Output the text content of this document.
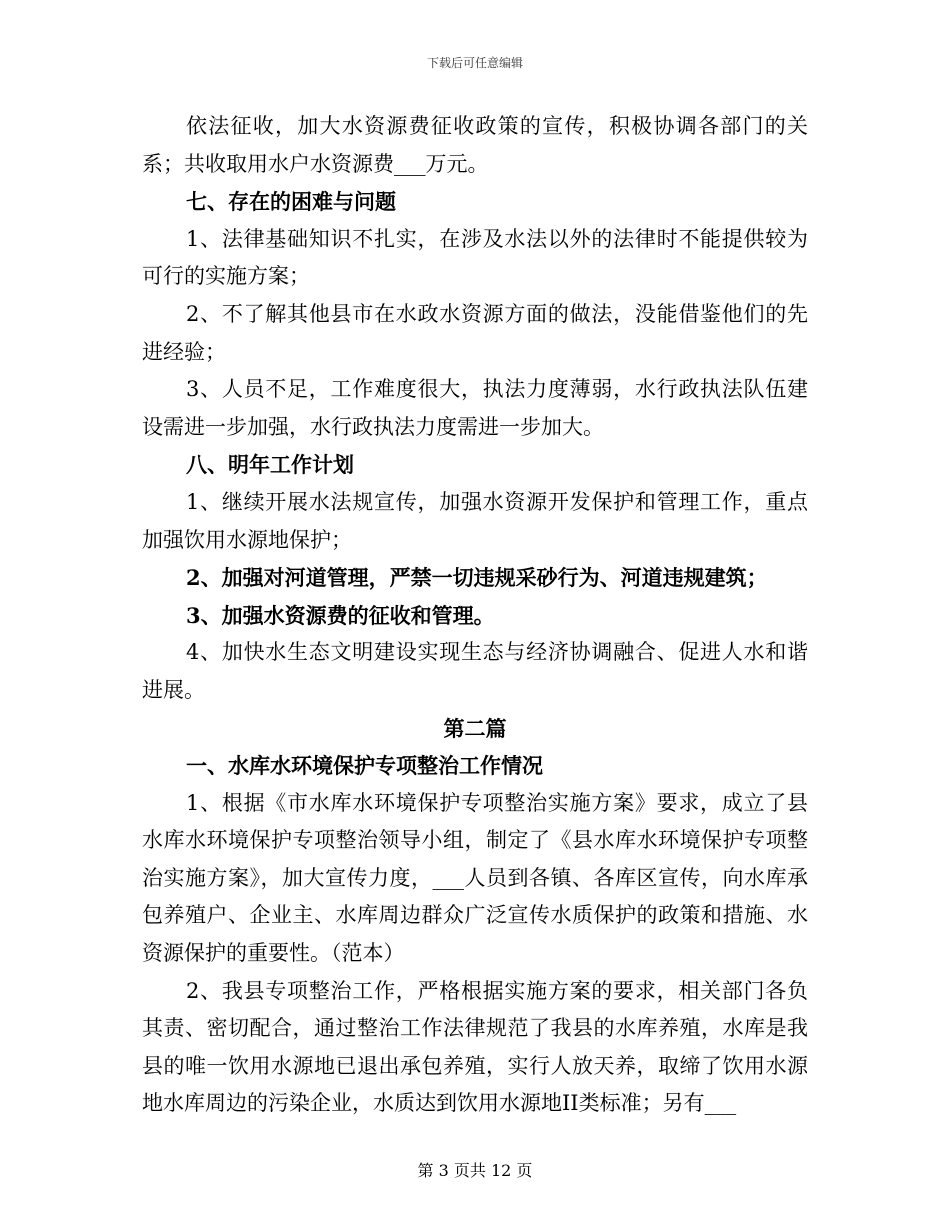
下载后可任意编辑

依法征收，加大水资源费征收政策的宣传，积极协调各部门的关系；共收取用水户水资源费___万元。

七、存在的困难与问题

1、法律基础知识不扎实，在涉及水法以外的法律时不能提供较为可行的实施方案；

2、不了解其他县市在水政水资源方面的做法，没能借鉴他们的先进经验；

3、人员不足，工作难度很大，执法力度薄弱，水行政执法队伍建设需进一步加强，水行政执法力度需进一步加大。

八、明年工作计划

1、继续开展水法规宣传，加强水资源开发保护和管理工作，重点加强饮用水源地保护；

2、加强对河道管理，严禁一切违规采砂行为、河道违规建筑；

3、加强水资源费的征收和管理。

4、加快水生态文明建设实现生态与经济协调融合、促进人水和谐进展。

第二篇

一、水库水环境保护专项整治工作情况

1、根据《市水库水环境保护专项整治实施方案》要求，成立了县水库水环境保护专项整治领导小组，制定了《县水库水环境保护专项整治实施方案》，加大宣传力度，___人员到各镇、各库区宣传，向水库承包养殖户、企业主、水库周边群众广泛宣传水质保护的政策和措施、水资源保护的重要性。（范本）

2、我县专项整治工作，严格根据实施方案的要求，相关部门各负其责、密切配合，通过整治工作法律规范了我县的水库养殖，水库是我县的唯一饮用水源地已退出承包养殖，实行人放天养，取缔了饮用水源地水库周边的污染企业，水质达到饮用水源地II类标准；另有___

第 3 页共 12 页
